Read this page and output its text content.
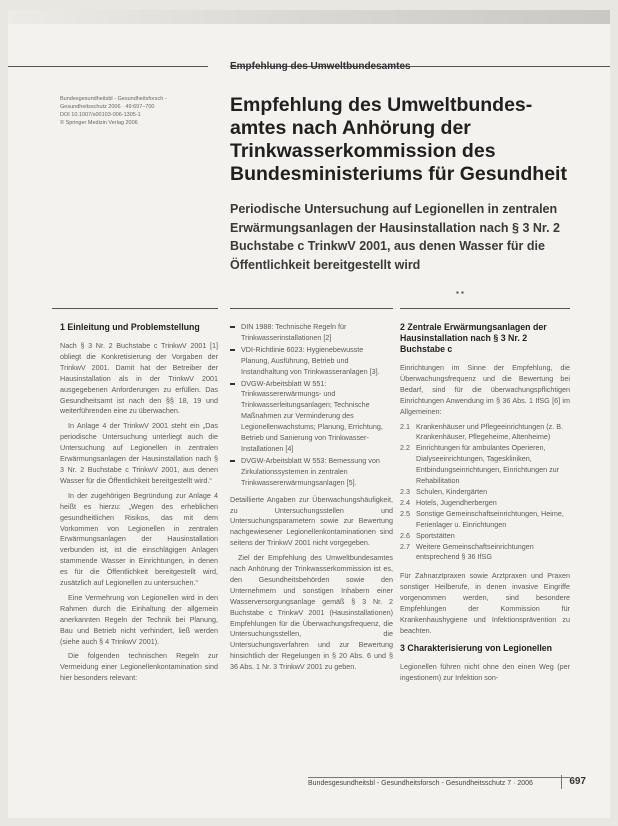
Empfehlung des Umweltbundesamtes
Bundesgesundheitsbl - Gesundheitsforsch -
Gesundheitsschutz 2006 · 49:697–700
DOI 10.1007/s00103-006-1305-1
© Springer Medizin Verlag 2006
Empfehlung des Umweltbundesamtes nach Anhörung der Trinkwasserkommission des Bundesministeriums für Gesundheit
Periodische Untersuchung auf Legionellen in zentralen Erwärmungsanlagen der Hausinstallation nach § 3 Nr. 2 Buchstabe c TrinkwV 2001, aus denen Wasser für die Öffentlichkeit bereitgestellt wird
▪ ▪
1 Einleitung und Problemstellung

Nach § 3 Nr. 2 Buchstabe c TrinkwV 2001 [1] obliegt die Konkretisierung der Vorgaben der TrinkwV 2001. Damit hat der Betreiber der Hausinstallation als in der TrinkwV 2001 ausgegebenen Anforderungen zu erfüllen. Das Gesundheitsamt ist nach den §§ 18, 19 und weiterführenden eine zu überwachen.

In Anlage 4 der TrinkwV 2001 steht ein „Das periodische Untersuchung unterliegt auch die Untersuchung auf Legionellen in zentralen Erwärmungsanlagen der Hausinstallation nach § 3 Nr. 2 Buchstabe c TrinkwV 2001, aus denen Wasser für die Öffentlichkeit bereitgestellt wird.“

In der zugehörigen Begründung zur Anlage 4 heißt es hierzu: „Wegen des erheblichen gesundheitlichen Risikos, das mit dem Vorkommen von Legionellen in zentralen Erwärmungsanlagen der Hausinstallation verbunden ist, ist die einschlägigen Anlagen stammende Wasser in Einrichtungen, in denen es für die Öffentlichkeit bereitgestellt wird, zusätzlich auf Legionellen zu untersuchen.“

Eine Vermehrung von Legionellen wird in den Rahmen durch die Einhaltung der allgemein anerkannten Regeln der Technik bei Planung, Bau und Betrieb nicht verhindert, ließ werden (siehe auch § 4 TrinkwV 2001).

Die folgenden technischen Regeln zur Vermeidung einer Legionellenkontamination sind hier besonders relevant:

DIN 1988: Technische Regeln für Trinkwasserinstallationen [2]
VDI-Richtlinie 6023: Hygienebewusste Planung, Ausführung, Betrieb und Instandhaltung von Trinkwasseranlagen [3].
DVGW-Arbeitsblatt W 551: Trinkwassererwärmungs- und Trinkwasserleitungsanlagen; Technische Maßnahmen zur Verminderung des Legionellenwachstums; Planung, Errichtung, Betrieb und Sanierung von Trinkwasser-Installationen [4]
DVGW-Arbeitsblatt W 553: Bemessung von Zirkulationssystemen in zentralen Trinkwassererwärmungsanlagen [5].

Detaillierte Angaben zur Überwachungshäufigkeit, zu Untersuchungsstellen und Untersuchungsparametern sowie zur Bewertung nachgewiesener Legionellenkontaminationen sind seitens der TrinkwV 2001 nicht vorgegeben.

Ziel der Empfehlung des Umweltbundesamtes nach Anhörung der Trinkwasserkommission ist es, den Gesundheitsbehörden sowie den Unternehmern und sonstigen Inhabern einer Wasserversorgungsanlage gemäß § 3 Nr. 2 Buchstabe c TrinkwV 2001 (Hausinstallationen) Empfehlungen für die Überwachungsfrequenz, die Untersuchungsstellen, die Untersuchungsverfahren und zur Bewertung hinsichtlich der Regelungen in § 20 Abs. 6 und § 36 Abs. 1 Nr. 3 TrinkwV 2001 zu geben.

2 Zentrale Erwärmungsanlagen der Hausinstallation nach § 3 Nr. 2 Buchstabe c

Einrichtungen im Sinne der Empfehlung, die Überwachungsfrequenz und die Bewertung bei Bedarf, sind für die überwachungspflichtigen Einrichtungen Anwendung im § 36 Abs. 1 IfSG [6] im Allgemeinen:

2.1 Krankenhäuser und Pflegeeinrichtungen (z. B. Krankenhäuser, Pflegeheime, Altenheime)
2.2 Einrichtungen für ambulantes Operieren, Dialyseeinrichtungen, Tageskliniken, Entbindungseinrichtungen, Einrichtungen zur Rehabilitation
2.3 Schulen, Kindergärten
2.4 Hotels, Jugendherbergen
2.5 Sonstige Gemeinschaftseinrichtungen, Heime, Ferienlager u. Einrichtungen
2.6 Sportstätten
2.7 Weitere Gemeinschaftseinrichtungen entsprechend § 36 IfSG

Für Zahnarztpraxen sowie Arztpraxen und Praxen sonstiger Heilberufe, in denen invasive Eingriffe vorgenommen werden, sind besondere Empfehlungen der Kommission für Krankenhaushygiene und Infektionsprävention zu beachten.

3 Charakterisierung von Legionellen

Legionellen führen nicht ohne den einen Weg (per ingestionem) zur Infektion son-

Bundesgesundheitsbl - Gesundheitsforsch - Gesundheitsschutz 7 · 2006	697
